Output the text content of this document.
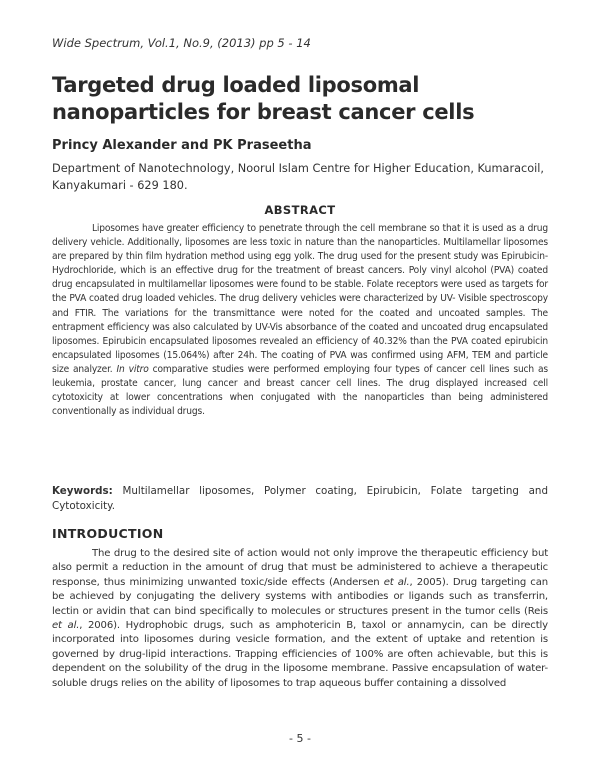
Wide Spectrum, Vol.1, No.9, (2013) pp 5 - 14
Targeted drug loaded liposomal nanoparticles for breast cancer cells
Princy Alexander and PK Praseetha

Department of Nanotechnology, Noorul Islam Centre for Higher Education, Kumaracoil, Kanyakumari - 629 180.

ABSTRACT

Liposomes have greater efficiency to penetrate through the cell membrane so that it is used as a drug delivery vehicle. Additionally, liposomes are less toxic in nature than the nanoparticles. Multilamellar liposomes are prepared by thin film hydration method using egg yolk. The drug used for the present study was Epirubicin-Hydrochloride, which is an effective drug for the treatment of breast cancers. Poly vinyl alcohol (PVA) coated drug encapsulated in multilamellar liposomes were found to be stable. Folate receptors were used as targets for the PVA coated drug loaded vehicles. The drug delivery vehicles were characterized by UV- Visible spectroscopy and FTIR. The variations for the transmittance were noted for the coated and uncoated samples. The entrapment efficiency was also calculated by UV-Vis absorbance of the coated and uncoated drug encapsulated liposomes. Epirubicin encapsulated liposomes revealed an efficiency of 40.32% than the PVA coated epirubicin encapsulated liposomes (15.064%) after 24h. The coating of PVA was confirmed using AFM, TEM and particle size analyzer. In vitro comparative studies were performed employing four types of cancer cell lines such as leukemia, prostate cancer, lung cancer and breast cancer cell lines. The drug displayed increased cell cytotoxicity at lower concentrations when conjugated with the nanoparticles than being administered conventionally as individual drugs.

Keywords: Multilamellar liposomes, Polymer coating, Epirubicin, Folate targeting and Cytotoxicity.

INTRODUCTION

The drug to the desired site of action would not only improve the therapeutic efficiency but also permit a reduction in the amount of drug that must be administered to achieve a therapeutic response, thus minimizing unwanted toxic/side effects (Andersen et al., 2005). Drug targeting can be achieved by conjugating the delivery systems with antibodies or ligands such as transferrin, lectin or avidin that can bind specifically to molecules or structures present in the tumor cells (Reis et al., 2006). Hydrophobic drugs, such as amphotericin B, taxol or annamycin, can be directly incorporated into liposomes during vesicle formation, and the extent of uptake and retention is governed by drug-lipid interactions. Trapping efficiencies of 100% are often achievable, but this is dependent on the solubility of the drug in the liposome membrane. Passive encapsulation of water-soluble drugs relies on the ability of liposomes to trap aqueous buffer containing a dissolved

- 5 -
